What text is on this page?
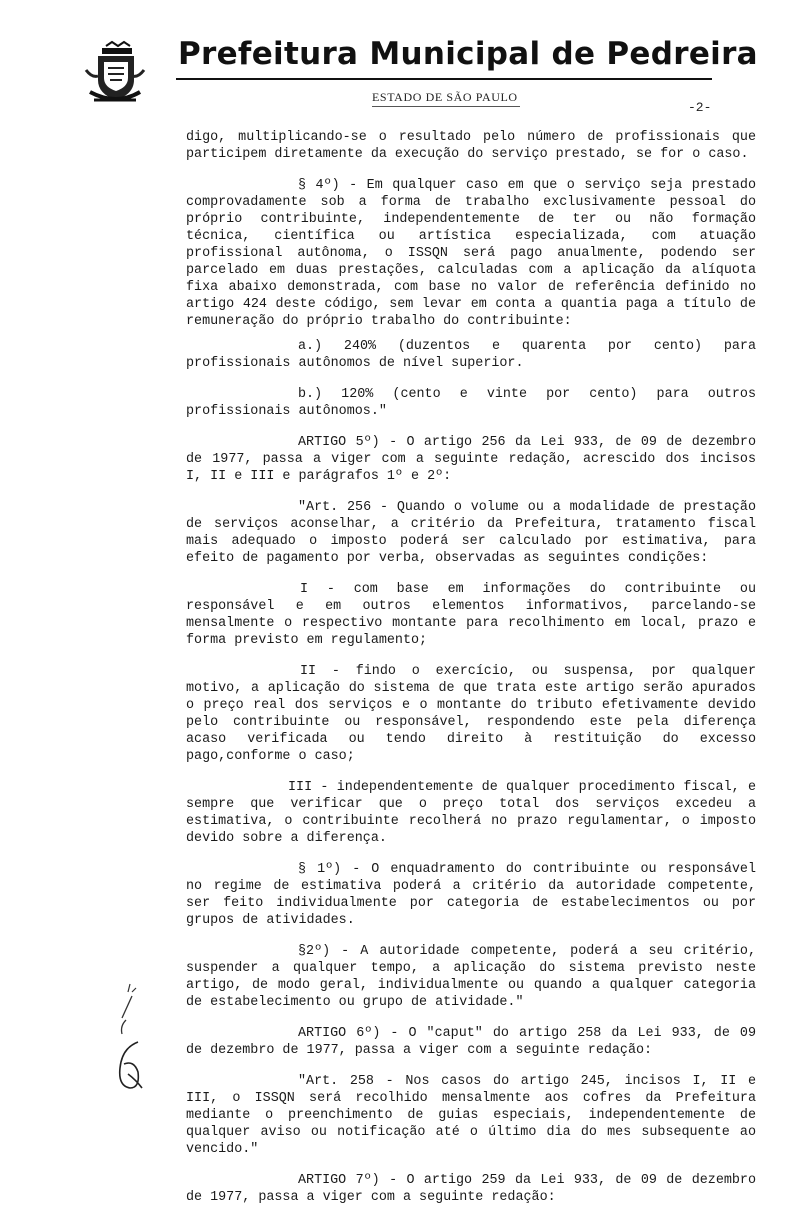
Prefeitura Municipal de Pedreira
ESTADO DE SÃO PAULO
-2-

digo, multiplicando-se o resultado pelo número de profissionais que participem diretamente da execução do serviço prestado, se for o caso.

§ 4º) - Em qualquer caso em que o serviço seja prestado comprovadamente sob a forma de trabalho exclusivamente pessoal do próprio contribuinte, independentemente de ter ou não formação técnica, científica ou artística especializada, com atuação profissional autônoma, o ISSQN será pago anualmente, podendo ser parcelado em duas prestações, calculadas com a aplicação da alíquota fixa abaixo demonstrada, com base no valor de referência definido no artigo 424 deste código, sem levar em conta a quantia paga a título de remuneração do próprio trabalho do contribuinte:

a.) 240% (duzentos e quarenta por cento) para profissionais autônomos de nível superior.

b.) 120% (cento e vinte por cento) para outros profissionais autônomos."

ARTIGO 5º) - O artigo 256 da Lei 933, de 09 de dezembro de 1977, passa a viger com a seguinte redação, acrescido dos incisos I, II e III e parágrafos 1º e 2º:

"Art. 256 - Quando o volume ou a modalidade de prestação de serviços aconselhar, a critério da Prefeitura, tratamento fiscal mais adequado o imposto poderá ser calculado por estimativa, para efeito de pagamento por verba, observadas as seguintes condições:

I - com base em informações do contribuinte ou responsável e em outros elementos informativos, parcelando-se mensalmente o respectivo montante para recolhimento em local, prazo e forma previsto em regulamento;

II - findo o exercício, ou suspensa, por qualquer motivo, a aplicação do sistema de que trata este artigo serão apurados o preço real dos serviços e o montante do tributo efetivamente devido pelo contribuinte ou responsável, respondendo este pela diferença acaso verificada ou tendo direito à restituição do excesso pago,conforme o caso;

III - independentemente de qualquer procedimento fiscal, e sempre que verificar que o preço total dos serviços excedeu a estimativa, o contribuinte recolherá no prazo regulamentar, o imposto devido sobre a diferença.

§ 1º) - O enquadramento do contribuinte ou responsável no regime de estimativa poderá a critério da autoridade competente, ser feito individualmente por categoria de estabelecimentos ou por grupos de atividades.

§2º) - A autoridade competente, poderá a seu critério, suspender a qualquer tempo, a aplicação do sistema previsto neste artigo, de modo geral, individualmente ou quando a qualquer categoria de estabelecimento ou grupo de atividade."

ARTIGO 6º) - O "caput" do artigo 258 da Lei 933, de 09 de dezembro de 1977, passa a viger com a seguinte redação:

"Art. 258 - Nos casos do artigo 245, incisos I, II e III, o ISSQN será recolhido mensalmente aos cofres da Prefeitura mediante o preenchimento de guias especiais, independentemente de qualquer aviso ou notificação até o último dia do mes subsequente ao vencido."

ARTIGO 7º) - O artigo 259 da Lei 933, de 09 de dezembro de 1977, passa a viger com a seguinte redação:
